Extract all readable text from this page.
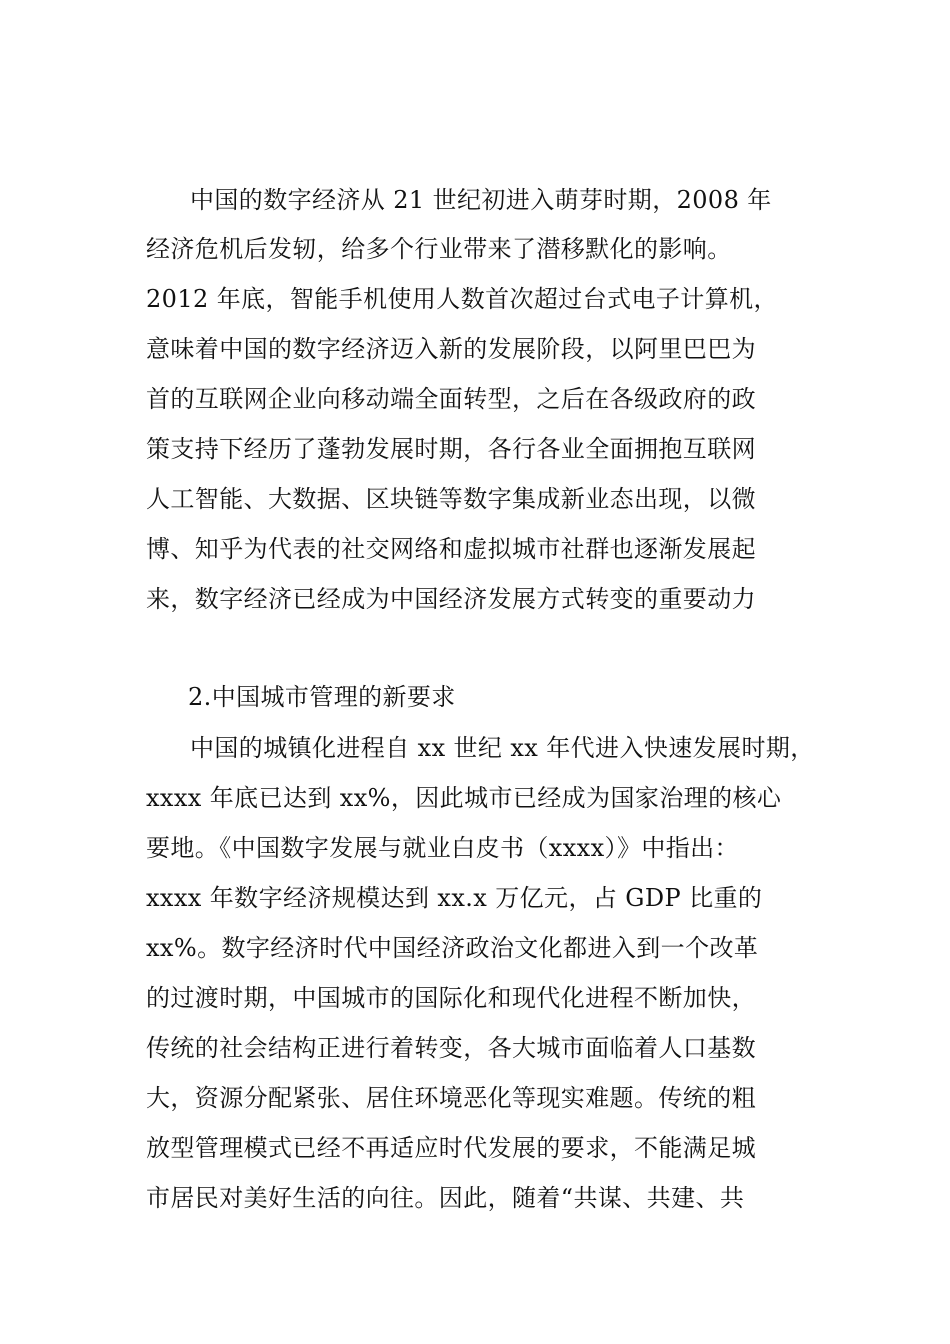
中国的数字经济从 21 世纪初进入萌芽时期，2008 年
经济危机后发轫，给多个行业带来了潜移默化的影响。
2012 年底，智能手机使用人数首次超过台式电子计算机，
意味着中国的数字经济迈入新的发展阶段，以阿里巴巴为
首的互联网企业向移动端全面转型，之后在各级政府的政
策支持下经历了蓬勃发展时期，各行各业全面拥抱互联网
人工智能、大数据、区块链等数字集成新业态出现，以微
博、知乎为代表的社交网络和虚拟城市社群也逐渐发展起
来，数字经济已经成为中国经济发展方式转变的重要动力
2.中国城市管理的新要求
中国的城镇化进程自 xx 世纪 xx 年代进入快速发展时期，
xxxx 年底已达到 xx%，因此城市已经成为国家治理的核心
要地。《中国数字发展与就业白皮书（xxxx）》中指出：
xxxx 年数字经济规模达到 xx.x 万亿元，占 GDP 比重的
xx%。数字经济时代中国经济政治文化都进入到一个改革
的过渡时期，中国城市的国际化和现代化进程不断加快，
传统的社会结构正进行着转变，各大城市面临着人口基数
大，资源分配紧张、居住环境恶化等现实难题。传统的粗
放型管理模式已经不再适应时代发展的要求，不能满足城
市居民对美好生活的向往。因此，随着“共谋、共建、共
